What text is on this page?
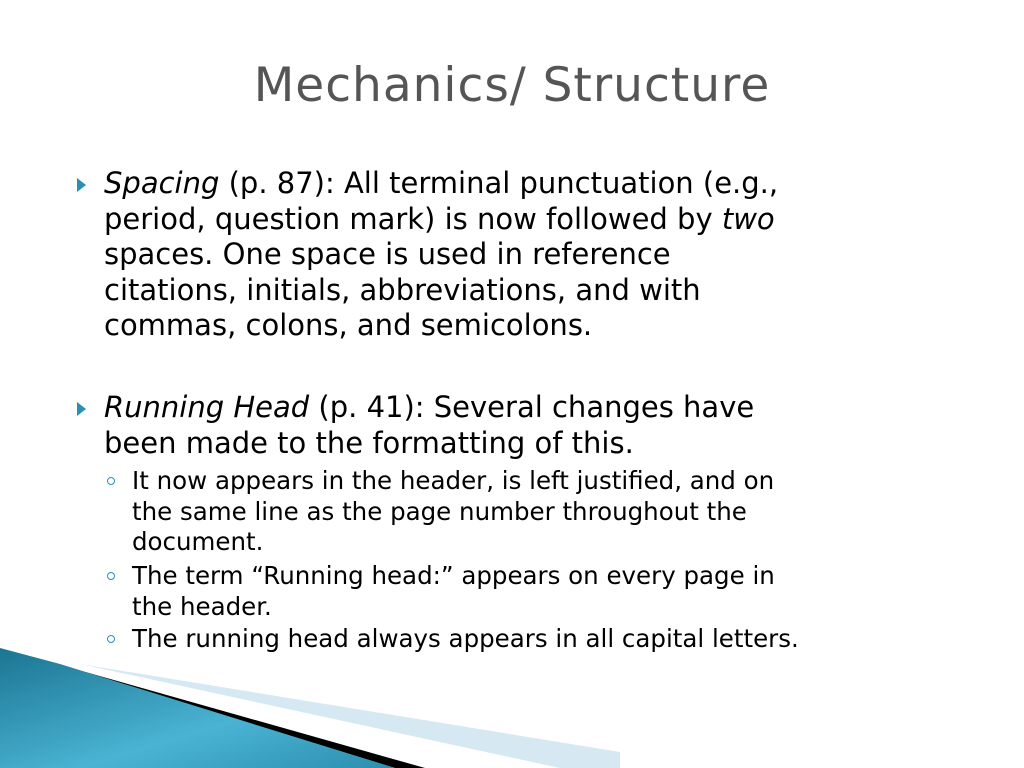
Mechanics/ Structure
Spacing (p. 87): All terminal punctuation (e.g.,
period, question mark) is now followed by two
spaces. One space is used in reference
citations, initials, abbreviations, and with
commas, colons, and semicolons.
Running Head (p. 41): Several changes have
been made to the formatting of this.
It now appears in the header, is left justified, and on
the same line as the page number throughout the
document.
The term “Running head:” appears on every page in
the header.
The running head always appears in all capital letters.
